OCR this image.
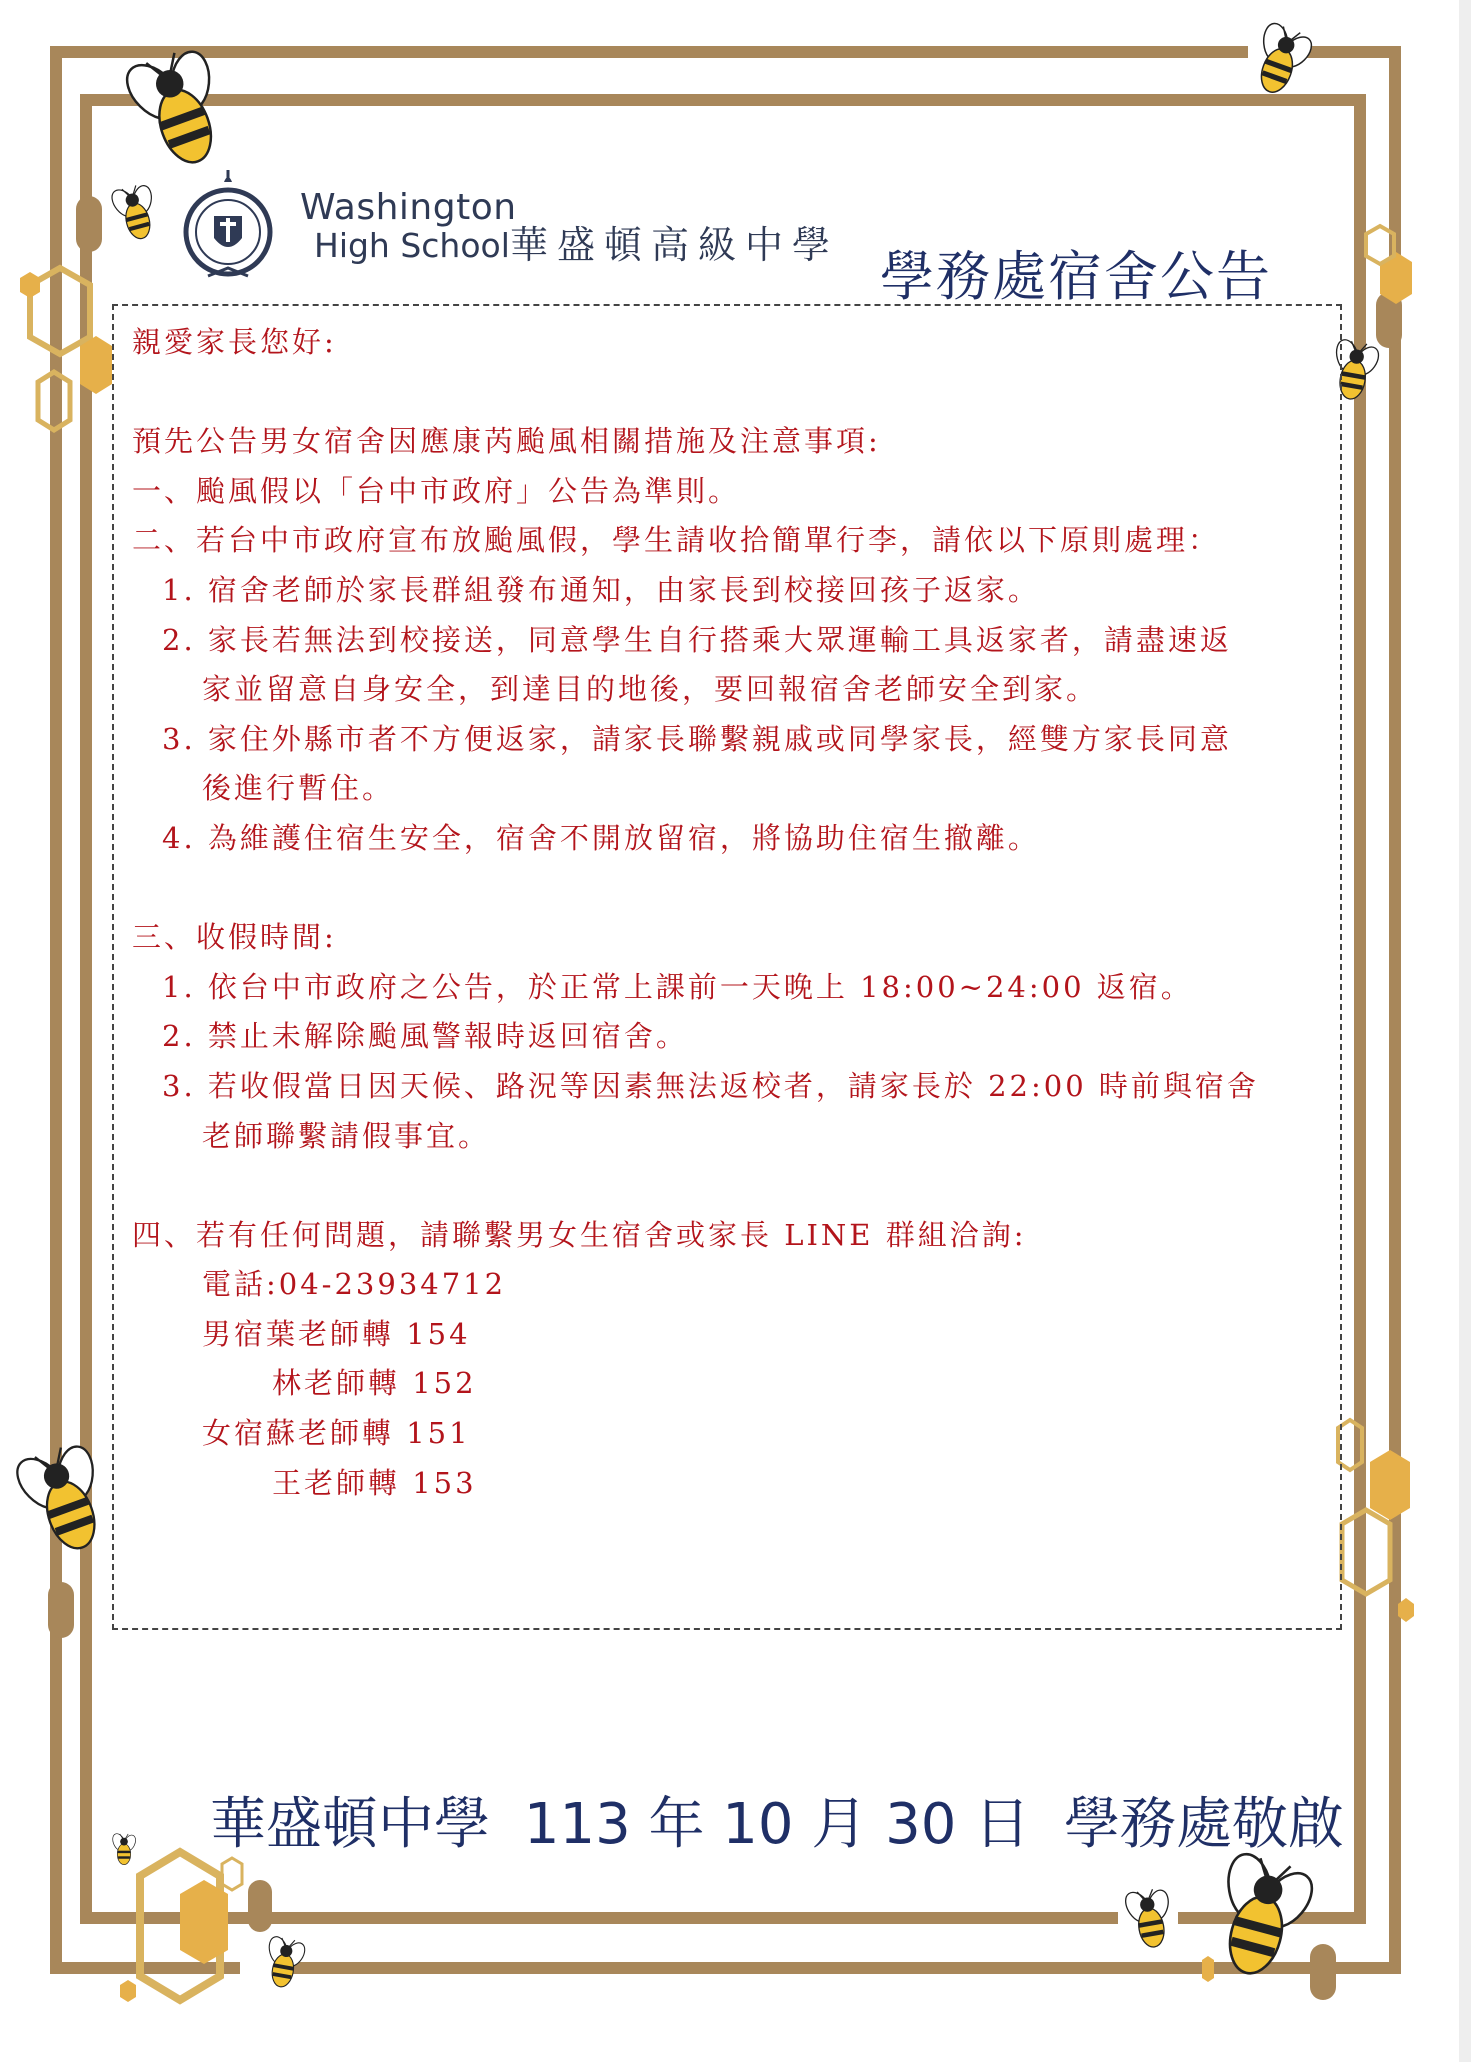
Washington
High School 華盛頓高級中學 學務處宿舍公告
親愛家長您好:
預先公告男女宿舍因應康芮颱風相關措施及注意事項:
一、颱風假以「台中市政府」公告為準則。
二、若台中市政府宣布放颱風假，學生請收拾簡單行李，請依以下原則處理：
1. 宿舍老師於家長群組發布通知，由家長到校接回孩子返家。
2. 家長若無法到校接送，同意學生自行搭乘大眾運輸工具返家者，請盡速返
家並留意自身安全，到達目的地後，要回報宿舍老師安全到家。
3. 家住外縣市者不方便返家，請家長聯繫親戚或同學家長，經雙方家長同意
後進行暫住。
4. 為維護住宿生安全，宿舍不開放留宿，將協助住宿生撤離。
三、收假時間:
1. 依台中市政府之公告，於正常上課前一天晚上 18:00~24:00 返宿。
2. 禁止未解除颱風警報時返回宿舍。
3. 若收假當日因天候、路況等因素無法返校者，請家長於 22:00 時前與宿舍
老師聯繫請假事宜。
四、若有任何問題，請聯繫男女生宿舍或家長 LINE 群組洽詢:
電話:04-23934712
男宿葉老師轉 154
林老師轉 152
女宿蘇老師轉 151
王老師轉 153
華盛頓中學 113 年 10 月 30 日 學務處敬啟
